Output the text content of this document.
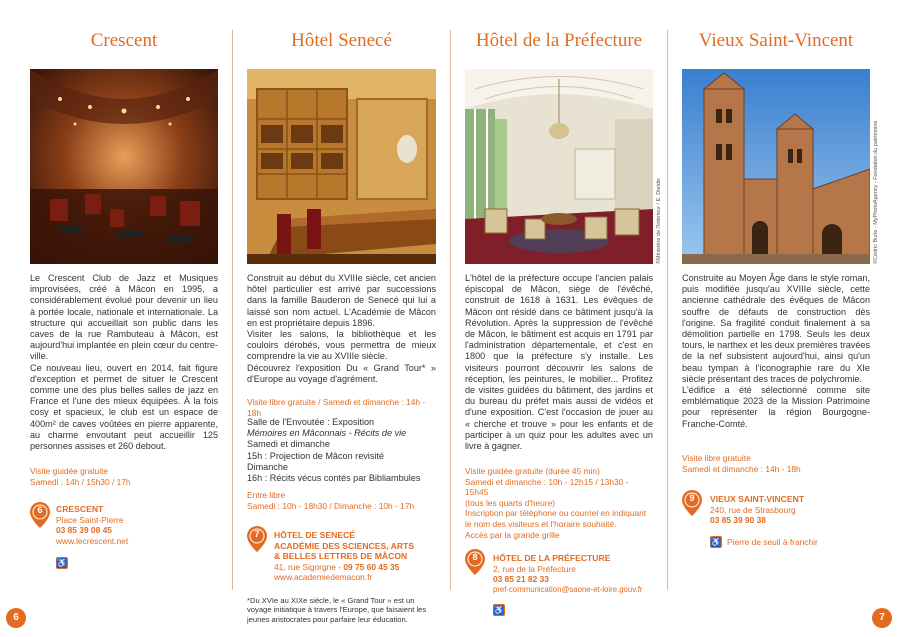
Crescent

Le Crescent Club de Jazz et Musiques improvisées, créé à Mâcon en 1995, a considérablement évolué pour devenir un lieu à portée locale, nationale et internationale. La structure qui accueillait son public dans les caves de la rue Rambuteau à Mâcon, est aujourd'hui implantée en plein cœur du centre-ville.

Ce nouveau lieu, ouvert en 2014, fait figure d'exception et permet de situer le Crescent comme une des plus belles salles de jazz en France et l'une des mieux équipées. À la fois cosy et spacieux, le club est un espace de 400m² de caves voûtées en pierre apparente, au charme envoutant peut accueillir 125 personnes assises et 260 debout.

Visite guidée gratuite
Samedi : 14h / 15h30 / 17h
6	CRESCENT
Place Saint-Pierre
03 85 39 08 45
www.lecrescent.net
♿
Hôtel Senecé

Construit au début du XVIIIe siècle, cet ancien hôtel particulier est arrivé par successions dans la famille Bauderon de Senecé qui lui a laissé son nom actuel. L'Académie de Mâcon en est propriétaire depuis 1896.

Visiter les salons, la bibliothèque et les couloirs dérobés, vous permettra de mieux comprendre la vie au XVIIIe siècle.

Découvrez l'exposition Du « Grand Tour* » d'Europe au voyage d'agrément.

Visite libre gratuite / Samedi et dimanche : 14h - 18h
Salle de l'Envoutée : Exposition
Mémoires en Mâconnais - Récits de vie
Samedi et dimanche
15h : Projection de Mâcon revisité
Dimanche
16h : Récits vécus contés par Bibliambules
Entre libre
Samedi : 10h - 18h30 / Dimanche : 10h - 17h
7	HÔTEL DE SENECÉ
ACADÉMIE DES SCIENCES, ARTS
& BELLES LETTRES DE MÂCON
41, rue Sigorgne - 09 75 60 45 35
www.academiedemacon.fr
*Du XVIe au XIXe siècle, le « Grand Tour » est un voyage initiatique à travers l'Europe, que faisaient les jeunes aristocrates pour parfaire leur éducation.
Hôtel de la Préfecture
©Ministère de l'Intérieur / E. Dieldis
L'hôtel de la préfecture occupe l'ancien palais épiscopal de Mâcon, siège de l'évêché, construit de 1618 à 1631. Les évêques de Mâcon ont résidé dans ce bâtiment jusqu'à la Révolution. Après la suppression de l'évêché de Mâcon, le bâtiment est acquis en 1791 par l'administration départementale, et c'est en 1800 que la préfecture s'y installe. Les visiteurs pourront découvrir les salons de réception, les peintures, le mobilier... Profitez de visites guidées du bâtiment, des jardins et du bureau du préfet mais aussi de vidéos et d'une exposition. C'est l'occasion de jouer au « cherche et trouve » pour les enfants et de participer à un quiz pour les adultes avec un livre à gagner.
Visite guidée gratuite (durée 45 min)
Samedi et dimanche : 10h - 12h15 / 13h30 - 15h45
(tous les quarts d'heure)
Inscription par téléphone ou courriel en indiquant
le nom des visiteurs et l'horaire souhaité.
Accès par la grande grille
8	HÔTEL DE LA PRÉFECTURE
2, rue de la Préfecture
03 85 21 82 33
pref-communication@saone-et-loire.gouv.fr
♿
Vieux Saint-Vincent
©Cédric Burle - MyPhotoAgency - Fondation du patrimoine

Construite au Moyen Âge dans le style roman, puis modifiée jusqu'au XVIIIe siècle, cette ancienne cathédrale des évêques de Mâcon souffre de défauts de construction dès l'origine. Sa fragilité conduit finalement à sa démolition partielle en 1798. Seuls les deux tours, le narthex et les deux premières travées de la nef subsistent aujourd'hui, ainsi qu'un beau tympan à l'iconographie rare du XIe siècle présentant des traces de polychromie.

L'édifice a été sélectionné comme site emblématique 2023 de la Mission Patrimoine pour représenter la région Bourgogne-Franche-Comté.

Visite libre gratuite
Samedi et dimanche : 14h - 18h
9	VIEUX SAINT-VINCENT
240, rue de Strasbourg
03 85 39 90 38
♿ Pierre de seuil à franchir
6	7
